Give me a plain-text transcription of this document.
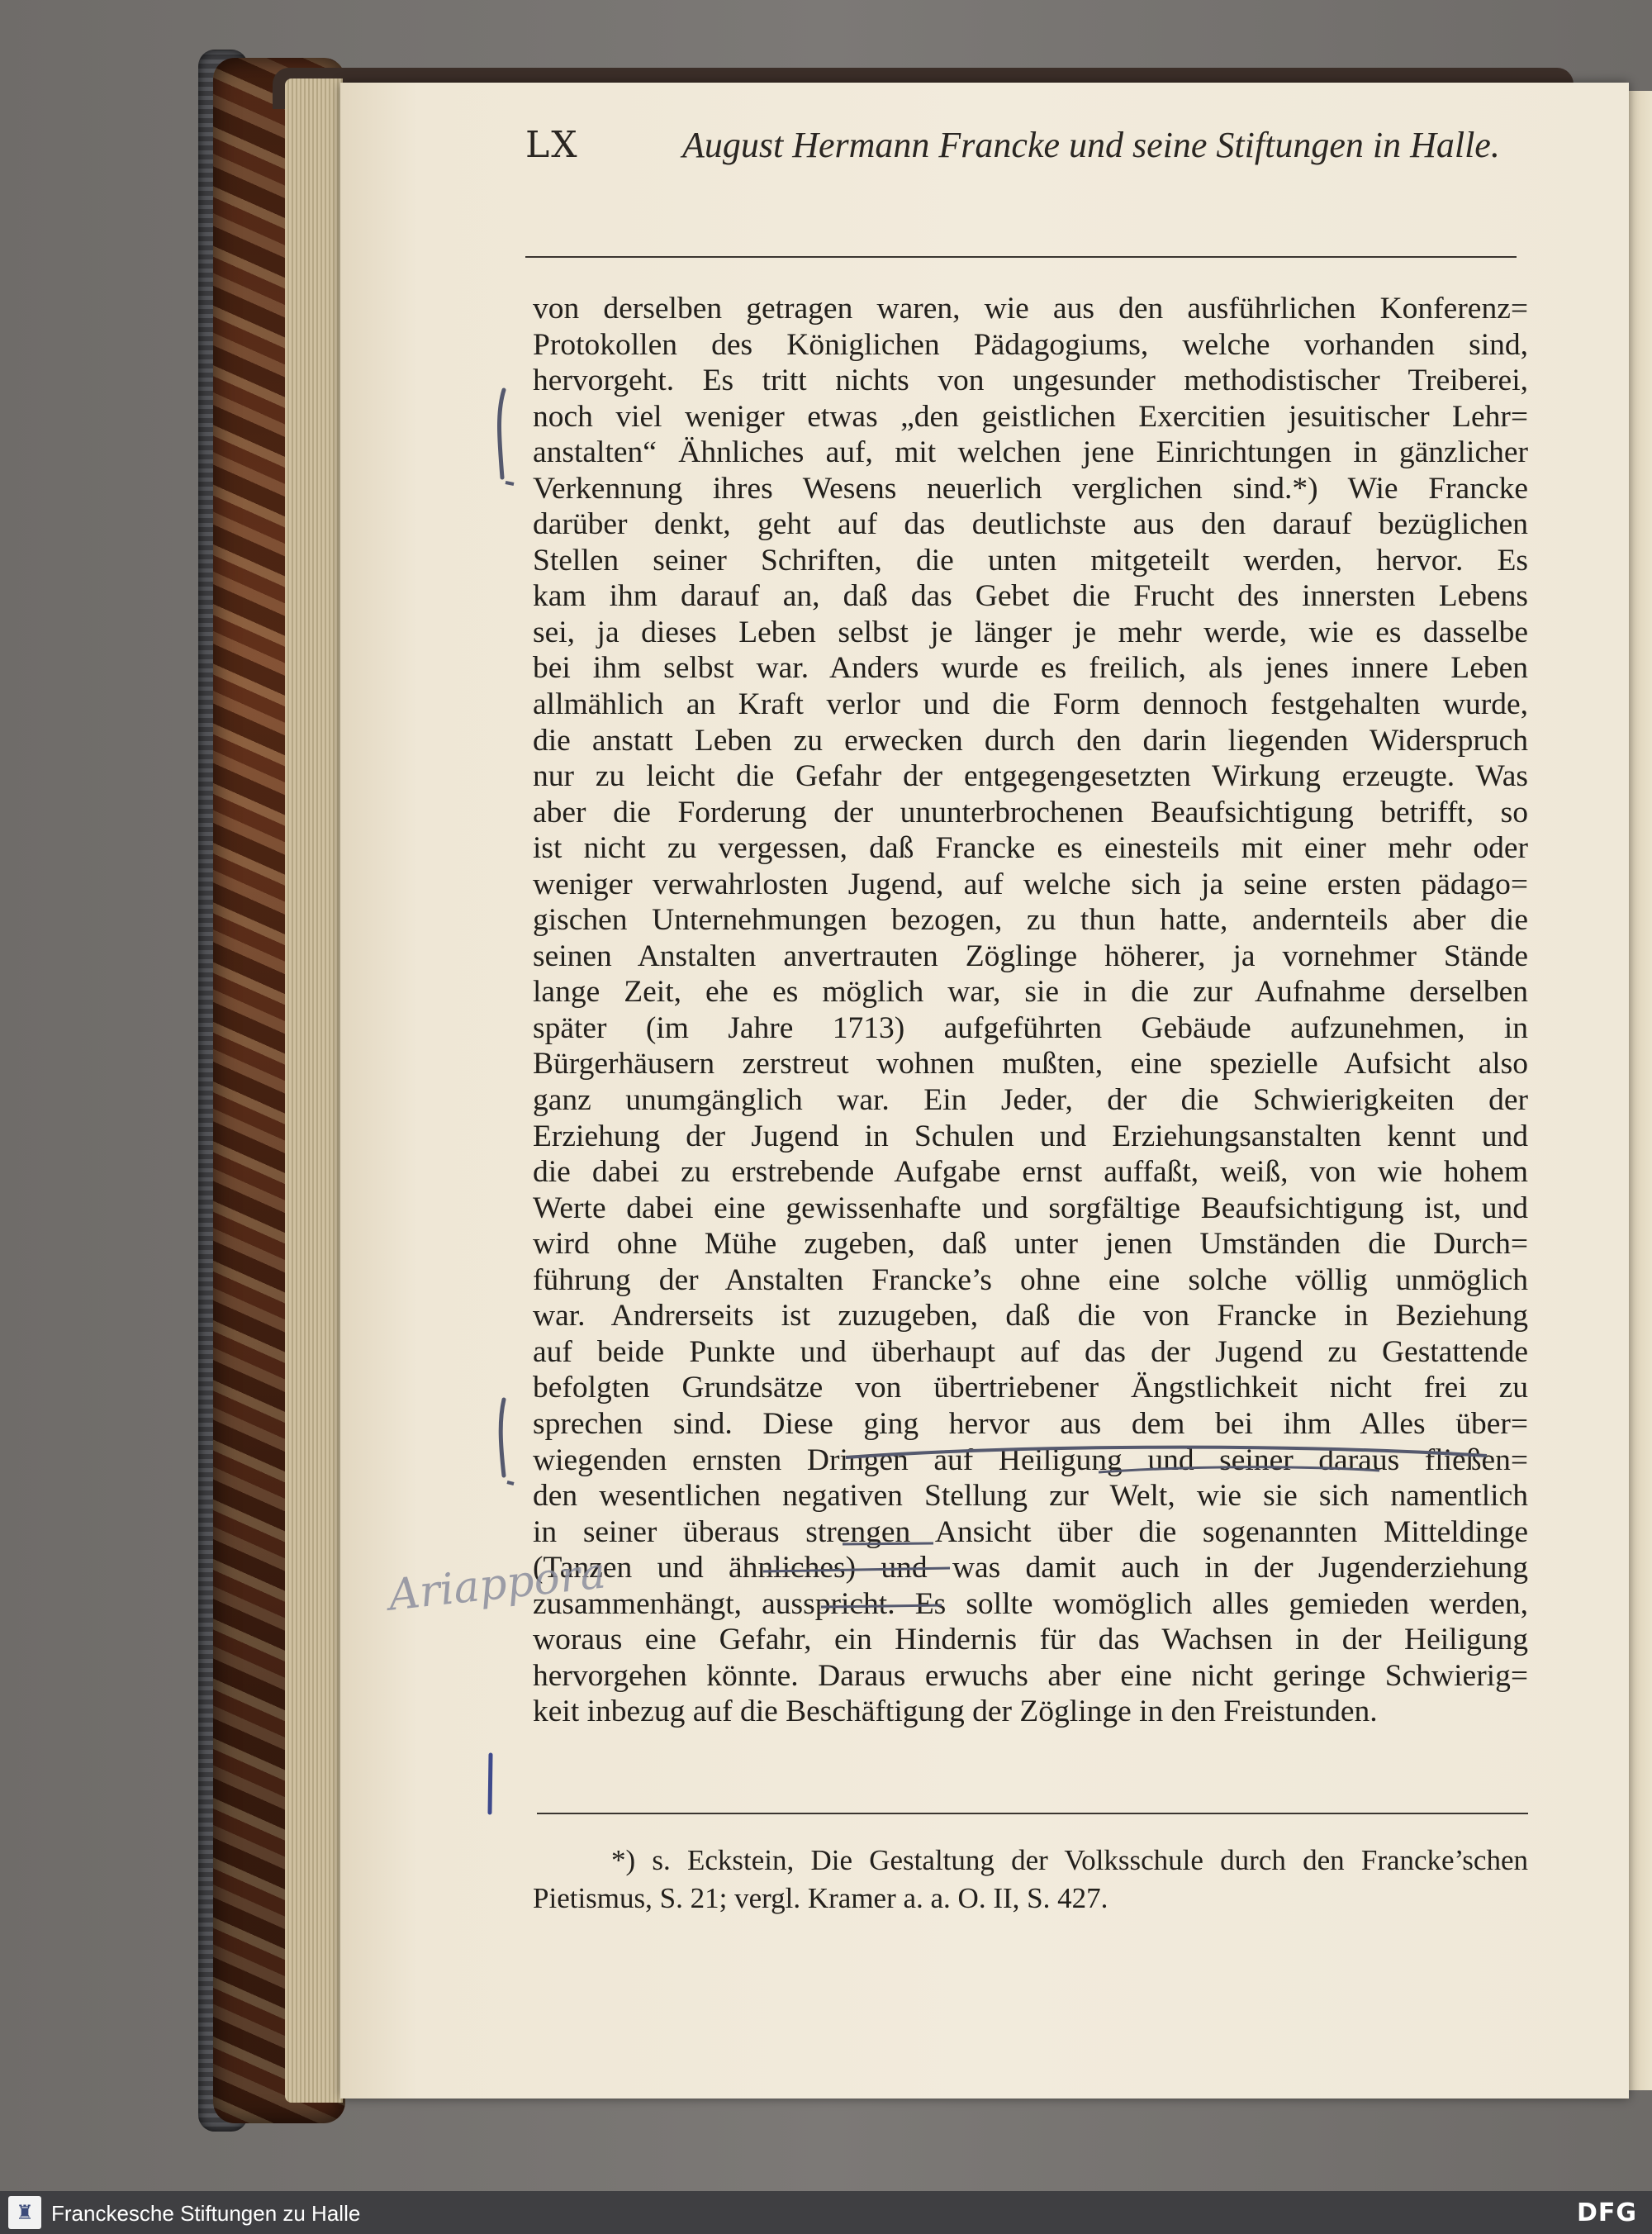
LX	August Hermann Francke und seine Stiftungen in Halle.
von derselben getragen waren, wie aus den ausführlichen Konferenz=
Protokollen des Königlichen Pädagogiums, welche vorhanden sind,
hervorgeht. Es tritt nichts von ungesunder methodistischer Treiberei,
noch viel weniger etwas „den geistlichen Exercitien jesuitischer Lehr=
anstalten“ Ähnliches auf, mit welchen jene Einrichtungen in gänzlicher
Verkennung ihres Wesens neuerlich verglichen sind.*) Wie Francke
darüber denkt, geht auf das deutlichste aus den darauf bezüglichen
Stellen seiner Schriften, die unten mitgeteilt werden, hervor. Es
kam ihm darauf an, daß das Gebet die Frucht des innersten Lebens
sei, ja dieses Leben selbst je länger je mehr werde, wie es dasselbe
bei ihm selbst war. Anders wurde es freilich, als jenes innere Leben
allmählich an Kraft verlor und die Form dennoch festgehalten wurde,
die anstatt Leben zu erwecken durch den darin liegenden Widerspruch
nur zu leicht die Gefahr der entgegengesetzten Wirkung erzeugte. Was
aber die Forderung der ununterbrochenen Beaufsichtigung betrifft, so
ist nicht zu vergessen, daß Francke es einesteils mit einer mehr oder
weniger verwahrlosten Jugend, auf welche sich ja seine ersten pädago=
gischen Unternehmungen bezogen, zu thun hatte, andernteils aber die
seinen Anstalten anvertrauten Zöglinge höherer, ja vornehmer Stände
lange Zeit, ehe es möglich war, sie in die zur Aufnahme derselben
später (im Jahre 1713) aufgeführten Gebäude aufzunehmen, in
Bürgerhäusern zerstreut wohnen mußten, eine spezielle Aufsicht also
ganz unumgänglich war. Ein Jeder, der die Schwierigkeiten der
Erziehung der Jugend in Schulen und Erziehungsanstalten kennt und
die dabei zu erstrebende Aufgabe ernst auffaßt, weiß, von wie hohem
Werte dabei eine gewissenhafte und sorgfältige Beaufsichtigung ist, und
wird ohne Mühe zugeben, daß unter jenen Umständen die Durch=
führung der Anstalten Francke’s ohne eine solche völlig unmöglich
war. Andrerseits ist zuzugeben, daß die von Francke in Beziehung
auf beide Punkte und überhaupt auf das der Jugend zu Gestattende
befolgten Grundsätze von übertriebener Ängstlichkeit nicht frei zu
sprechen sind. Diese ging hervor aus dem bei ihm Alles über=
wiegenden ernsten Dringen auf Heiligung und seiner daraus fließen=
den wesentlichen negativen Stellung zur Welt, wie sie sich namentlich
in seiner überaus strengen Ansicht über die sogenannten Mitteldinge
(Tanzen und ähnliches) und was damit auch in der Jugenderziehung
zusammenhängt, ausspricht. Es sollte womöglich alles gemieden werden,
woraus eine Gefahr, ein Hindernis für das Wachsen in der Heiligung
hervorgehen könnte. Daraus erwuchs aber eine nicht geringe Schwierig=
keit inbezug auf die Beschäftigung der Zöglinge in den Freistunden.
*) s. Eckstein, Die Gestaltung der Volksschule durch den Francke’schen
Pietismus, S. 21; vergl. Kramer a. a. O. II, S. 427.
Ariappora
♜ Franckesche Stiftungen zu Halle	DFG
